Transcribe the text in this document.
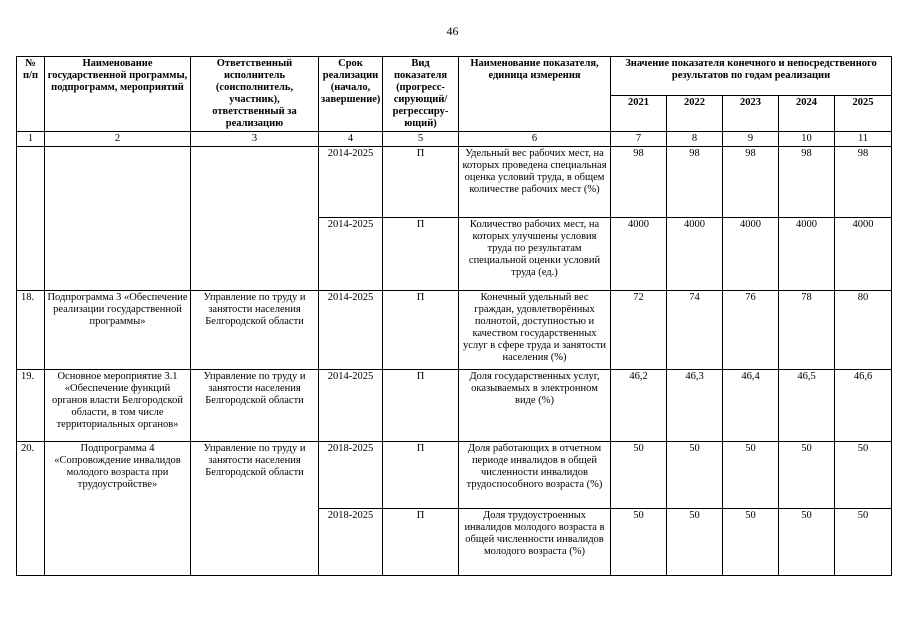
46
№
п/п	Наименование государственной программы, подпрограмм, мероприятий	Ответственный исполнитель (соисполнитель, участник), ответственный за реализацию	Срок реализации (начало, завершение)	Вид показателя (прогресс-сирующий/ регрессиру-ющий)	Наименование показателя, единица измерения	Значение показателя конечного и непосредственного результатов по годам реализации				
						2021	2022	2023	2024	2025
1	2	3	4	5	6	7	8	9	10	11
			2014-2025	П	Удельный вес рабочих мест, на которых проведена специальная оценка условий труда, в общем количестве рабочих мест (%)	98	98	98	98	98
			2014-2025	П	Количество рабочих мест, на которых улучшены условия труда по результатам специальной оценки условий труда (ед.)	4000	4000	4000	4000	4000
18.	Подпрограмма 3 «Обеспечение реализации государственной программы»	Управление по труду и занятости населения Белгородской области	2014-2025	П	Конечный удельный вес граждан, удовлетворённых полнотой, доступностью и качеством государственных услуг в сфере труда и занятости населения (%)	72	74	76	78	80
19.	Основное мероприятие 3.1 «Обеспечение функций органов власти Белгородской области, в том числе территориальных органов»	Управление по труду и занятости населения Белгородской области	2014-2025	П	Доля государственных услуг, оказываемых в электронном виде (%)	46,2	46,3	46,4	46,5	46,6
20.	Подпрограмма 4 «Сопровождение инвалидов молодого возраста при трудоустройстве»	Управление по труду и занятости населения Белгородской области	2018-2025	П	Доля работающих в отчетном периоде инвалидов в общей численности инвалидов трудоспособного возраста (%)	50	50	50	50	50
			2018-2025	П	Доля трудоустроенных инвалидов молодого возраста в общей численности инвалидов молодого возраста (%)	50	50	50	50	50
